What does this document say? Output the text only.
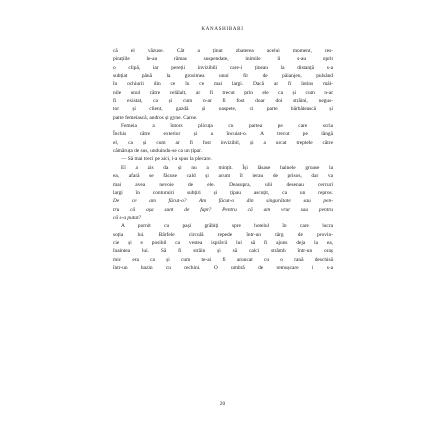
KANASHIBARI
că el văzuse. Cât a ținut zbaterea acelui moment, res-
pirațiile le-au rămas suspendate, inimile li s-au oprit
o clipă, iar pereții invizibili care-i țineau la distanță s-a
subțiat până la grosimea unui fir de păianjen, pulsând
în ochiurii din ce în ce mai largi. Dacă ar fi întins mâi-
nile unul către celălalt, ar fi trecut prin ele ca și cum n-ar
fi existat, ca și cum n-ar fi fost doar doi străini, negus-
tor și client, gazdă și oaspete, ci parte bărbătească și
parte femeiască, andros și gyne. Carne.
Femeia a întors plicuța cu partea pe care scria
Închis către exterior și a încuiat-o. A trecut pe lângă
el, ca și cum ar fi fost invizibil, și a urcat treptele către
cămăruța de sus, unduindu-se ca un țipar.
— Să mai treci pe aici, i-a spus la plecare.
El a zis da și nu a mințit. Își lăsase hainele groase la
ea, afară se făcuse cald și acum îl ierau de prisos, dar va
mai avea nevoie de ele. Deasupra, ulii desenau cercuri
largi în conturuiri subțiri și țipau ascuțit, ca un repros.
De ce am făcut-o? Am făcut-o din singurătate sau pen-
tru că așa sunt de fapt? Pentru că am vrut sau pentru
că s-a putut?
A pornit cu pași grăbiți spre hotelul în care lucra
soția lui. Bârfele circulă repede într-un târg de provin-
cie și e posibil ca vestea isprăvii lui să fi ajuns deja la ea,
înaintea lui. Să fi străin și să calci strâmb într-un oraș
mic era ca și cum te-ai fi aruncat cu o rană deschisă
într-un bazin cu rechini. O umbră de remușcare i s-a
20
